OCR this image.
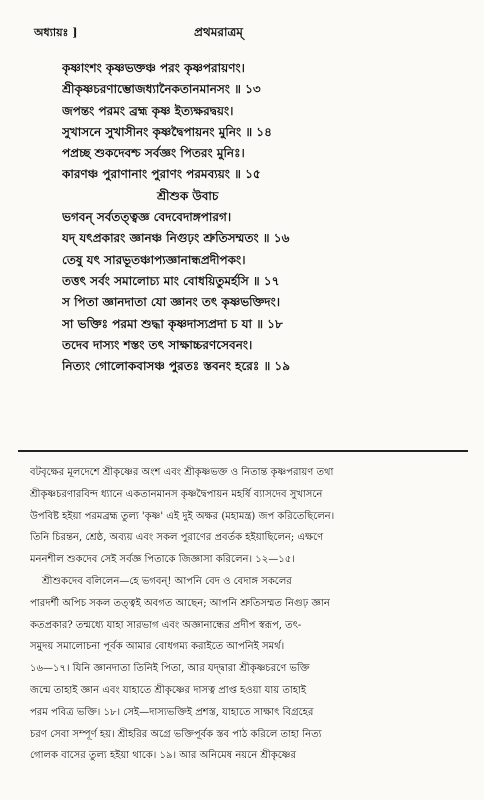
অধ্যায়ঃ ]	প্রথমরাত্রম্‌
কৃষ্ণাংশং কৃষ্ণভক্তঞ্চ পরং কৃষ্ণপরায়ণং।
শ্রীকৃষ্ণচরণাম্ভোজধ্যানৈকতানমানসং ॥ ১৩
জপন্তং পরমং ব্রহ্ম কৃষ্ণ ইত্যক্ষরদ্বয়ং।
সুখাসনে সুখাসীনং কৃষ্ণদ্বৈপায়নং মুনিং ॥ ১৪
পপ্রচ্ছ শুকদেবশ্চ সর্বজ্ঞং পিতরং মুনিঃ।
কারণঞ্চ পুরাণানাং পুরাণং পরমব্যয়ং ॥ ১৫
শ্রীশুক উবাচ
ভগবন্‌ সর্বতত্ত্বজ্ঞ বেদবেদাঙ্গপারগ।
যদ্‌ যৎপ্রকারং জ্ঞানঞ্চ নিগুঢ়ং শ্রুতিসম্মতং ॥ ১৬
তেষু যৎ সারভূতঞ্চাপ্যজ্ঞানান্ধপ্রদীপকং।
তত্তৎ সর্বং সমালোচ্য মাং বোধয়িতুমর্হসি ॥ ১৭
স পিতা জ্ঞানদাতা যো জ্ঞানং তৎ কৃষ্ণভক্তিদং।
সা ভক্তিঃ পরমা শুদ্ধা কৃষ্ণদাস্যপ্রদা চ যা ॥ ১৮
তদেব দাস্যং শস্তং তৎ সাক্ষাচ্চরণসেবনং।
নিত্যং গোলোকবাসঞ্চ পুরতঃ স্তবনং হরেঃ ॥ ১৯
বটবৃক্ষের মূলদেশে শ্রীকৃষ্ণের অংশ এবং শ্রীকৃষ্ণভক্ত ও নিতান্ত কৃষ্ণপরায়ণ তথা
শ্রীকৃষ্ণচরণারবিন্দ ধ্যানে একতানমানস কৃষ্ণদ্বৈপায়ন মহর্ষি ব্যাসদেব সুখাসনে
উপবিষ্ট হইয়া পরমব্রহ্ম তুল্য 'কৃষ্ণ' এই দুই অক্ষর (মহামন্ত্র) জপ করিতেছিলেন।
তিনি চিরন্তন, শ্রেষ্ঠ, অব্যয় এবং সকল পুরাণের প্রবর্তক হইয়াছিলেন; এক্ষণে
মননশীল শুকদেব সেই সর্বজ্ঞ পিতাকে জিজ্ঞাসা করিলেন। ১২—১৫।
শ্রীশুকদেব বলিলেন—হে ভগবন্‌! আপনি বেদ ও বেদাঙ্গ সকলের
পারদর্শী অপিচ সকল তত্ত্বই অবগত আছেন; আপনি শ্রুতিসম্মত নিগুঢ় জ্ঞান
কতপ্রকার? তন্মধ্যে যাহা সারভাগ এবং অজ্ঞানান্ধের প্রদীপ স্বরূপ, তৎ-
সমুদয় সমালোচনা পূর্বক আমার বোধগম্য করাইতে আপনিই সমর্থ।
১৬—১৭। যিনি জ্ঞানদাতা তিনিই পিতা, আর যদ্দ্বারা শ্রীকৃষ্ণচরণে ভক্তি
জন্মে তাহাই জ্ঞান এবং যাহাতে শ্রীকৃষ্ণের দাসত্ব প্রাপ্ত হওয়া যায় তাহাই
পরম পবিত্র ভক্তি। ১৮। সেই—দাস্যভক্তিই প্রশস্ত, যাহাতে সাক্ষাৎ বিগ্রহের
চরণ সেবা সম্পূর্ণ হয়। শ্রীহরির অগ্রে ভক্তিপূর্বক স্তব পাঠ করিলে তাহা নিত্য
গোলক বাসের তুল্য হইয়া থাকে। ১৯। আর অনিমেষ নয়নে শ্রীকৃষ্ণের
